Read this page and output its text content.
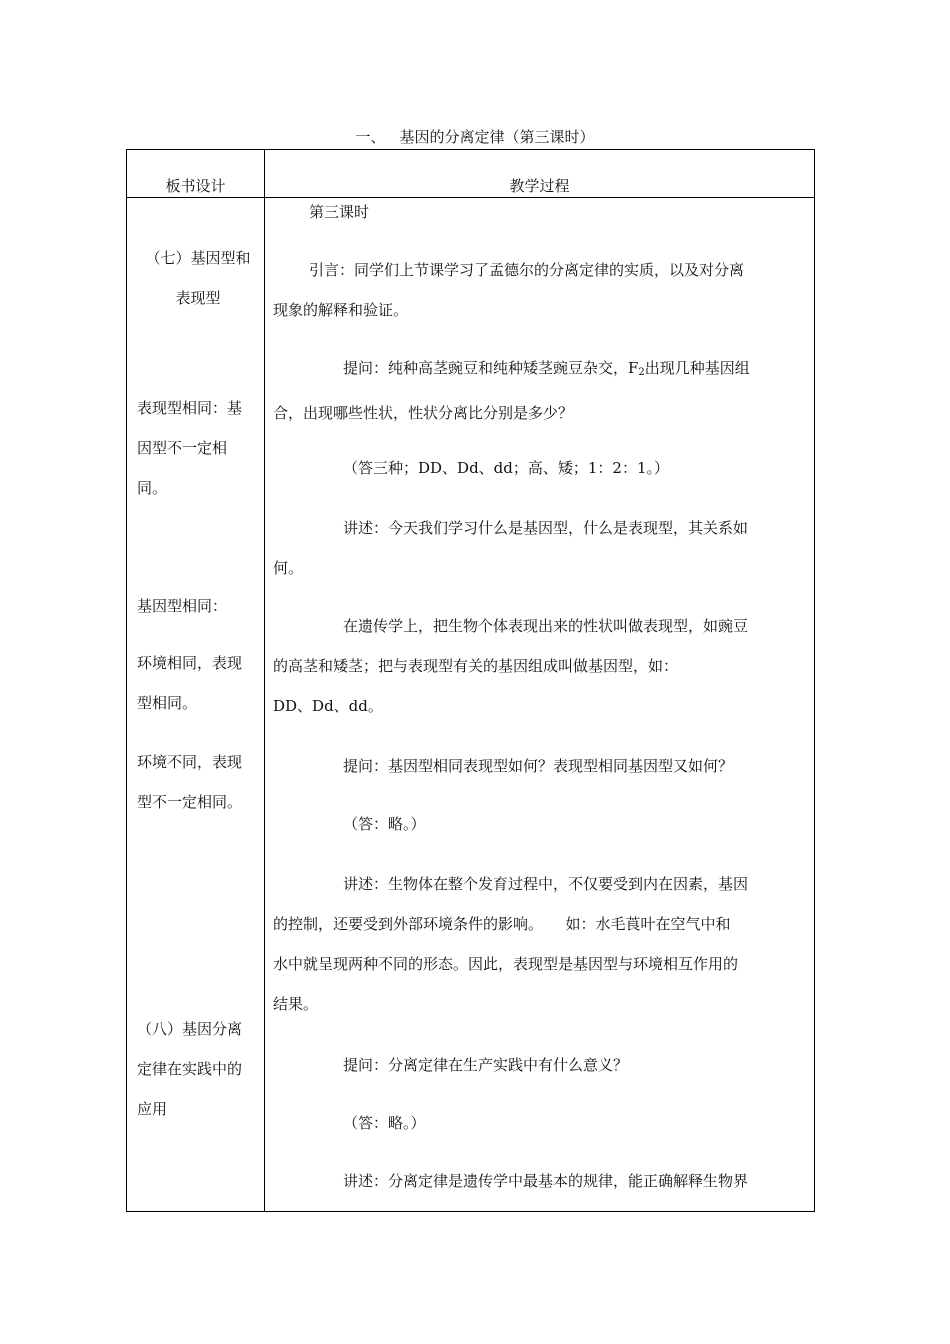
一、 基因的分离定律（第三课时）
板书设计	教学过程
（七）基因型和
表现型
表现型相同：基
因型不一定相
同。
基因型相同：
环境相同，表现
型相同。
环境不同，表现
型不一定相同。
（八）基因分离
定律在实践中的
应用
第三课时
引言：同学们上节课学习了孟德尔的分离定律的实质，以及对分离
现象的解释和验证。
提问：纯种高茎豌豆和纯种矮茎豌豆杂交，$F_2$出现几种基因组
合，出现哪些性状，性状分离比分别是多少？
（答三种；DD、Dd、dd；高、矮；1：2：1。）
讲述：今天我们学习什么是基因型，什么是表现型，其关系如
何。
在遗传学上，把生物个体表现出来的性状叫做表现型，如豌豆
的高茎和矮茎；把与表现型有关的基因组成叫做基因型，如：
DD、Dd、dd。
提问：基因型相同表现型如何？表现型相同基因型又如何？
（答：略。）
讲述：生物体在整个发育过程中，不仅要受到内在因素，基因
的控制，还要受到外部环境条件的影响。　　如：水毛莨叶在空气中和
水中就呈现两种不同的形态。因此，表现型是基因型与环境相互作用的
结果。
提问：分离定律在生产实践中有什么意义？
（答：略。）
讲述：分离定律是遗传学中最基本的规律，能正确解释生物界
